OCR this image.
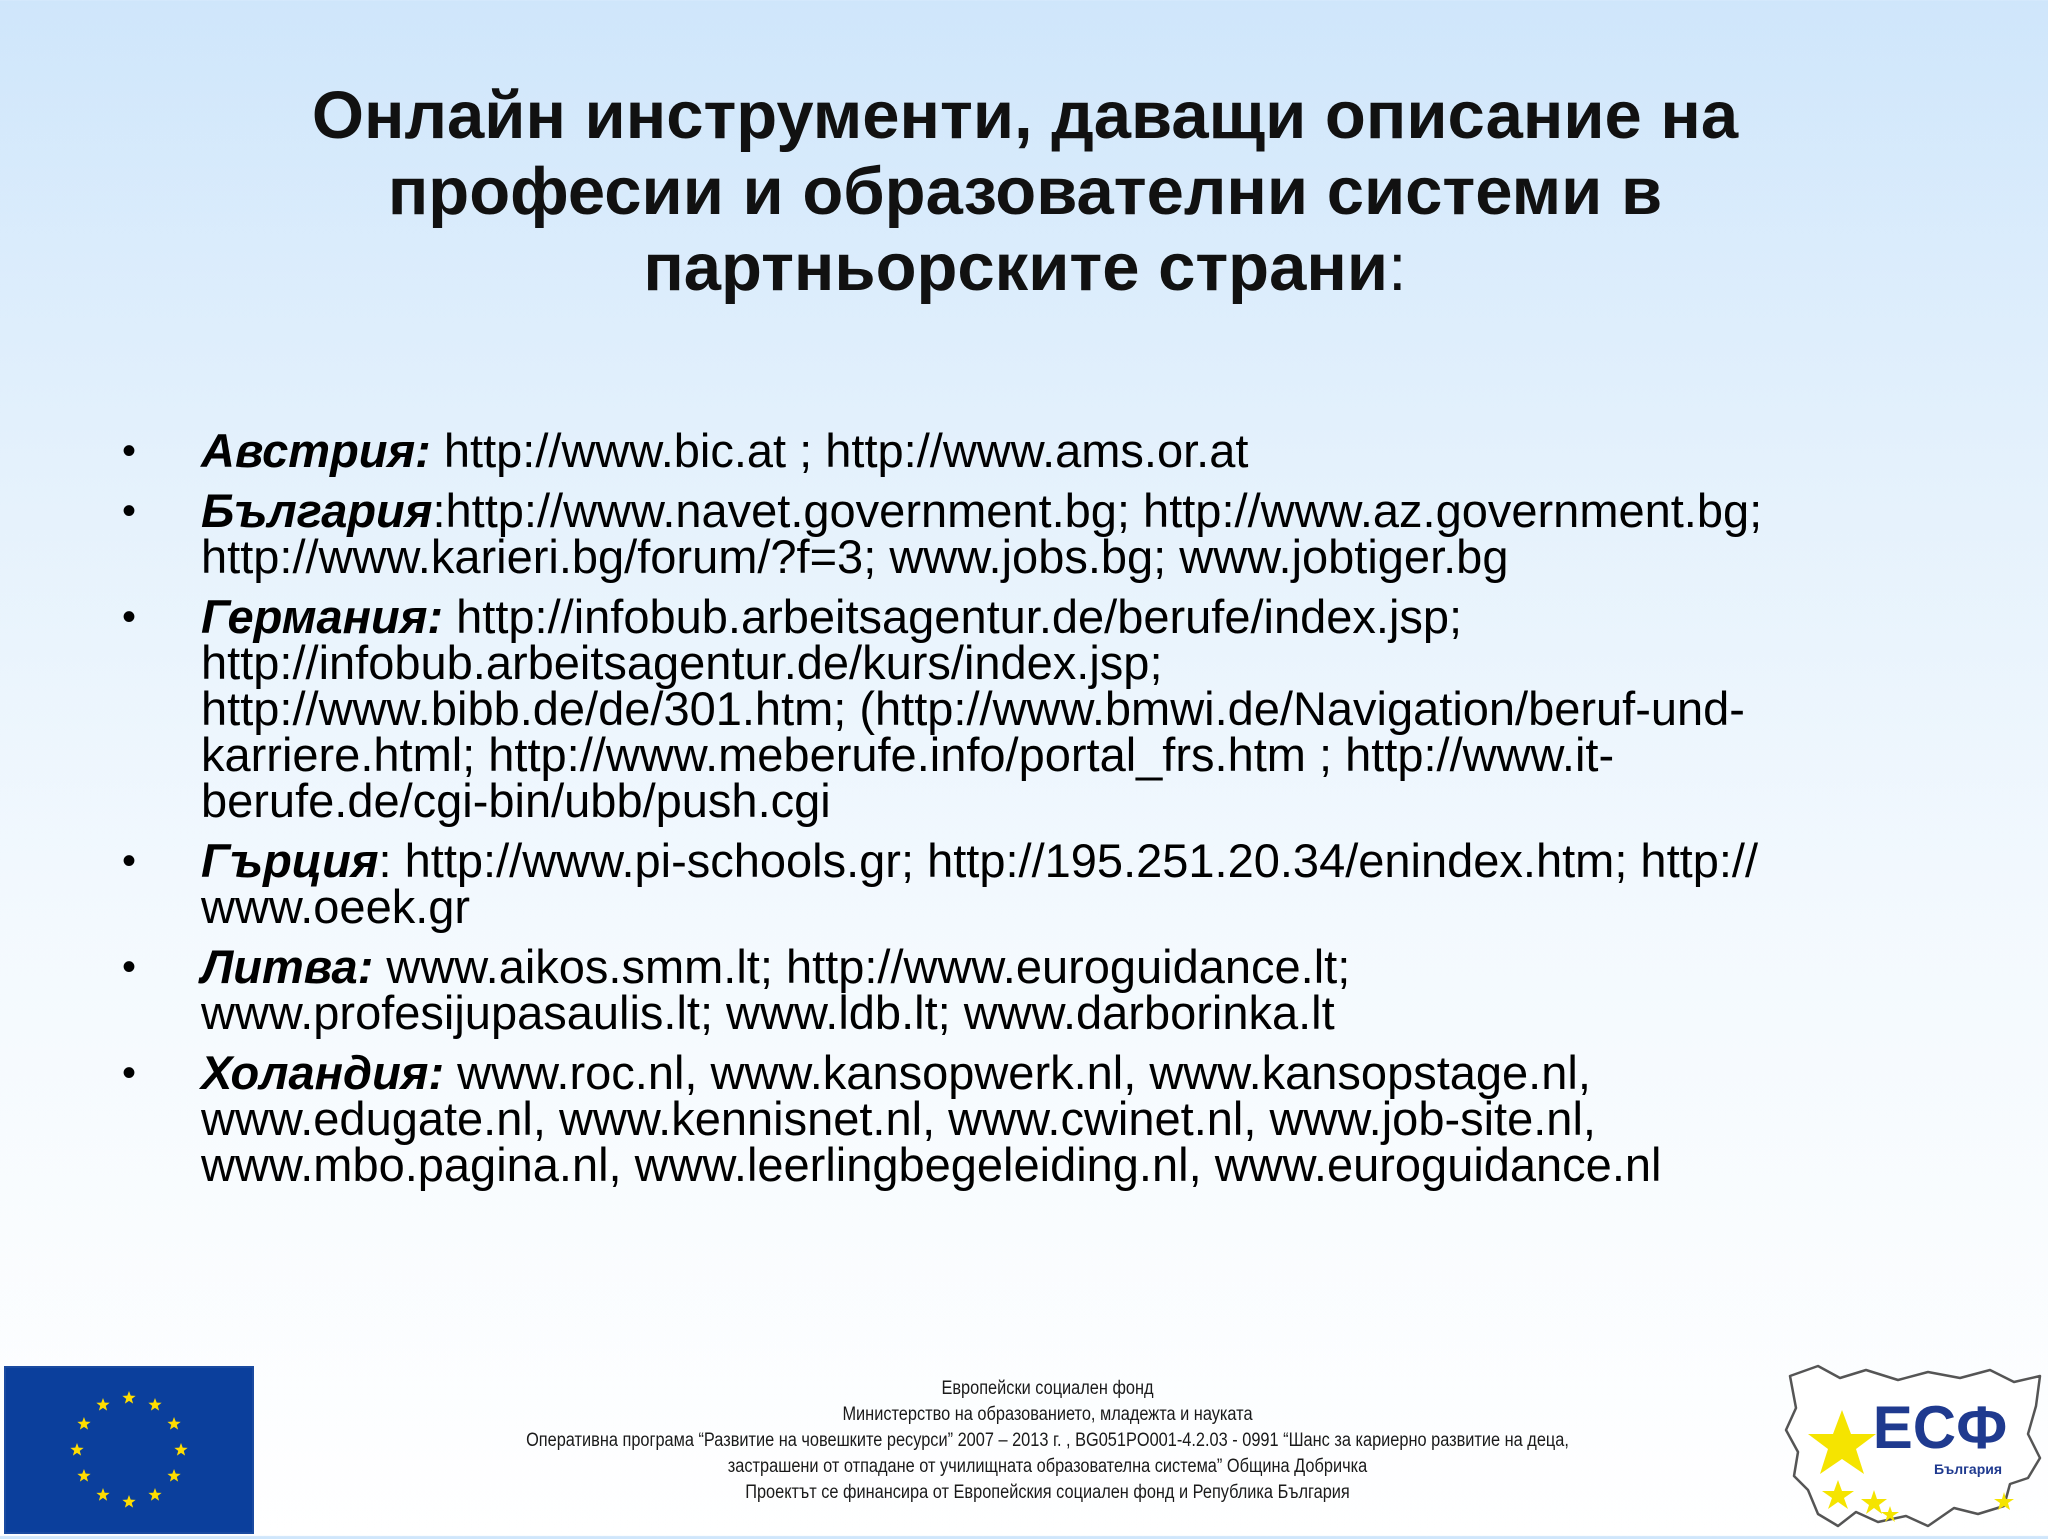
Онлайн инструменти, даващи описание на
професии и образователни системи в
партньорските страни:
• Австрия: http://www.bic.at ; http://www.ams.or.at
• България:http://www.navet.government.bg; http://www.az.government.bg;
http://www.karieri.bg/forum/?f=3; www.jobs.bg; www.jobtiger.bg
• Германия: http://infobub.arbeitsagentur.de/berufe/index.jsp;
http://infobub.arbeitsagentur.de/kurs/index.jsp;
http://www.bibb.de/de/301.htm; (http://www.bmwi.de/Navigation/beruf-und-
karriere.html; http://www.meberufe.info/portal_frs.htm ; http://www.it-
berufe.de/cgi-bin/ubb/push.cgi
• Гърция: http://www.pi-schools.gr; http://195.251.20.34/enindex.htm; http://
www.oeek.gr
• Литва: www.aikos.smm.lt; http://www.euroguidance.lt;
www.profesijupasaulis.lt; www.ldb.lt; www.darborinka.lt
• Холандия: www.roc.nl, www.kansopwerk.nl, www.kansopstage.nl,
www.edugate.nl, www.kennisnet.nl, www.cwinet.nl, www.job-site.nl,
www.mbo.pagina.nl, www.leerlingbegeleiding.nl, www.euroguidance.nl
Европейски социален фонд
Министерство на образованието, младежта и науката
Оперативна програма “Развитие на човешките ресурси” 2007 – 2013 г. , BG051PO001-4.2.03 - 0991 “Шанс за кариерно развитие на деца,
застрашени от отпадане от училищната образователна система” Община Добричка
Проектът се финансира от Европейския социален фонд и Република България
ЕСФ
България
